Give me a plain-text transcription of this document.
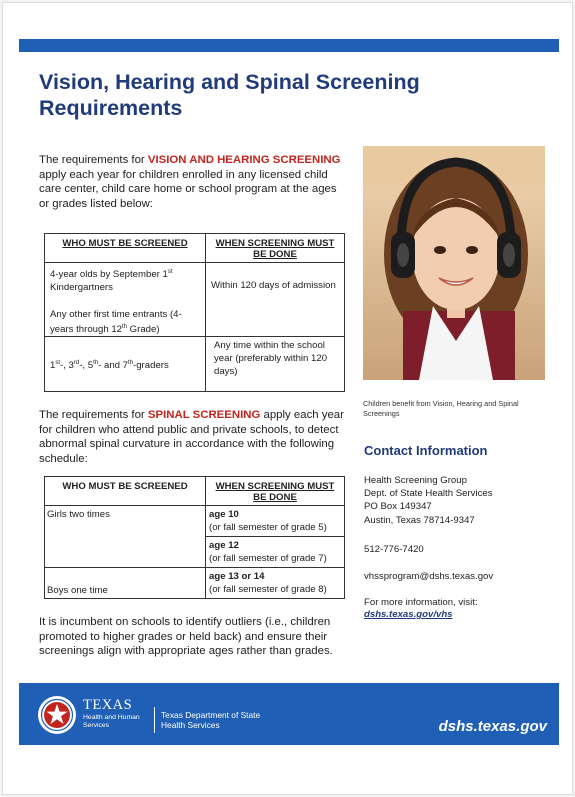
Vision, Hearing and Spinal Screening Requirements

The requirements for VISION AND HEARING SCREENING apply each year for children enrolled in any licensed child care center, child care home or school program at the ages or grades listed below:

WHO MUST BE SCREENED	WHEN SCREENING MUST BE DONE

4-year olds by September 1st Kindergartners
Any other first time entrants (4-years through 12th Grade)	Within 120 days of admission

1st-, 3rd-, 5th- and 7th-graders	Any time within the school year (preferably within 120 days)

The requirements for SPINAL SCREENING apply each year for children who attend public and private schools, to detect abnormal spinal curvature in accordance with the following schedule:

WHO MUST BE SCREENED	WHEN SCREENING MUST BE DONE

Girls two times	age 10
(or fall semester of grade 5)

	age 12
(or fall semester of grade 7)

Boys one time	age 13 or 14
(or fall semester of grade 8)

It is incumbent on schools to identify outliers (i.e., children promoted to higher grades or held back) and ensure their screenings align with appropriate ages rather than grades.

Children benefit from Vision, Hearing and Spinal Screenings

Contact Information
Health Screening Group
Dept. of State Health Services
PO Box 149347
Austin, Texas 78714-9347
512-776-7420
vhssprogram@dshs.texas.gov
For more information, visit:
dshs.texas.gov/vhs
TEXAS
Health and Human
Services
Texas Department of State
Health Services	dshs.texas.gov
